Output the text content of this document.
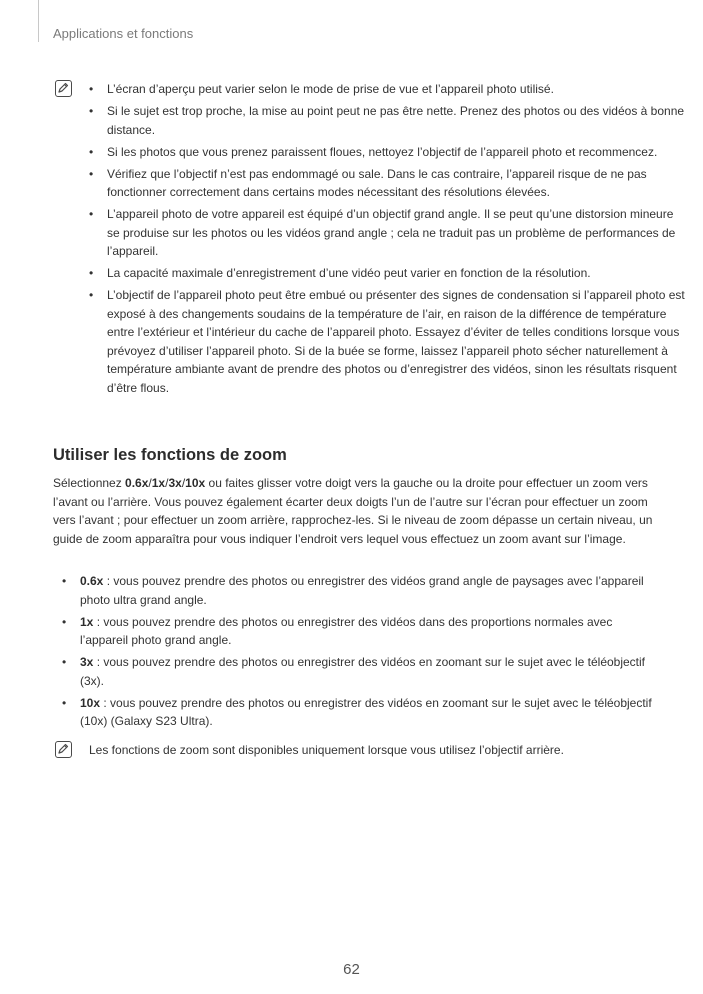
Applications et fonctions
• L’écran d’aperçu peut varier selon le mode de prise de vue et l’appareil photo utilisé.
• Si le sujet est trop proche, la mise au point peut ne pas être nette. Prenez des photos ou des vidéos à bonne distance.
• Si les photos que vous prenez paraissent floues, nettoyez l’objectif de l’appareil photo et recommencez.
• Vérifiez que l’objectif n’est pas endommagé ou sale. Dans le cas contraire, l’appareil risque de ne pas fonctionner correctement dans certains modes nécessitant des résolutions élevées.
• L’appareil photo de votre appareil est équipé d’un objectif grand angle. Il se peut qu’une distorsion mineure se produise sur les photos ou les vidéos grand angle ; cela ne traduit pas un problème de performances de l’appareil.
• La capacité maximale d’enregistrement d’une vidéo peut varier en fonction de la résolution.
• L’objectif de l’appareil photo peut être embué ou présenter des signes de condensation si l’appareil photo est exposé à des changements soudains de la température de l’air, en raison de la différence de température entre l’extérieur et l’intérieur du cache de l’appareil photo. Essayez d’éviter de telles conditions lorsque vous prévoyez d’utiliser l’appareil photo. Si de la buée se forme, laissez l’appareil photo sécher naturellement à température ambiante avant de prendre des photos ou d’enregistrer des vidéos, sinon les résultats risquent d’être flous.
Utiliser les fonctions de zoom

Sélectionnez 0.6x/1x/3x/10x ou faites glisser votre doigt vers la gauche ou la droite pour effectuer un zoom vers l’avant ou l’arrière. Vous pouvez également écarter deux doigts l’un de l’autre sur l’écran pour effectuer un zoom vers l’avant ; pour effectuer un zoom arrière, rapprochez-les. Si le niveau de zoom dépasse un certain niveau, un guide de zoom apparaîtra pour vous indiquer l’endroit vers lequel vous effectuez un zoom avant sur l’image.

• 0.6x : vous pouvez prendre des photos ou enregistrer des vidéos grand angle de paysages avec l’appareil photo ultra grand angle.
• 1x : vous pouvez prendre des photos ou enregistrer des vidéos dans des proportions normales avec l’appareil photo grand angle.
• 3x : vous pouvez prendre des photos ou enregistrer des vidéos en zoomant sur le sujet avec le téléobjectif (3x).
• 10x : vous pouvez prendre des photos ou enregistrer des vidéos en zoomant sur le sujet avec le téléobjectif (10x) (Galaxy S23 Ultra).
Les fonctions de zoom sont disponibles uniquement lorsque vous utilisez l’objectif arrière.
62
